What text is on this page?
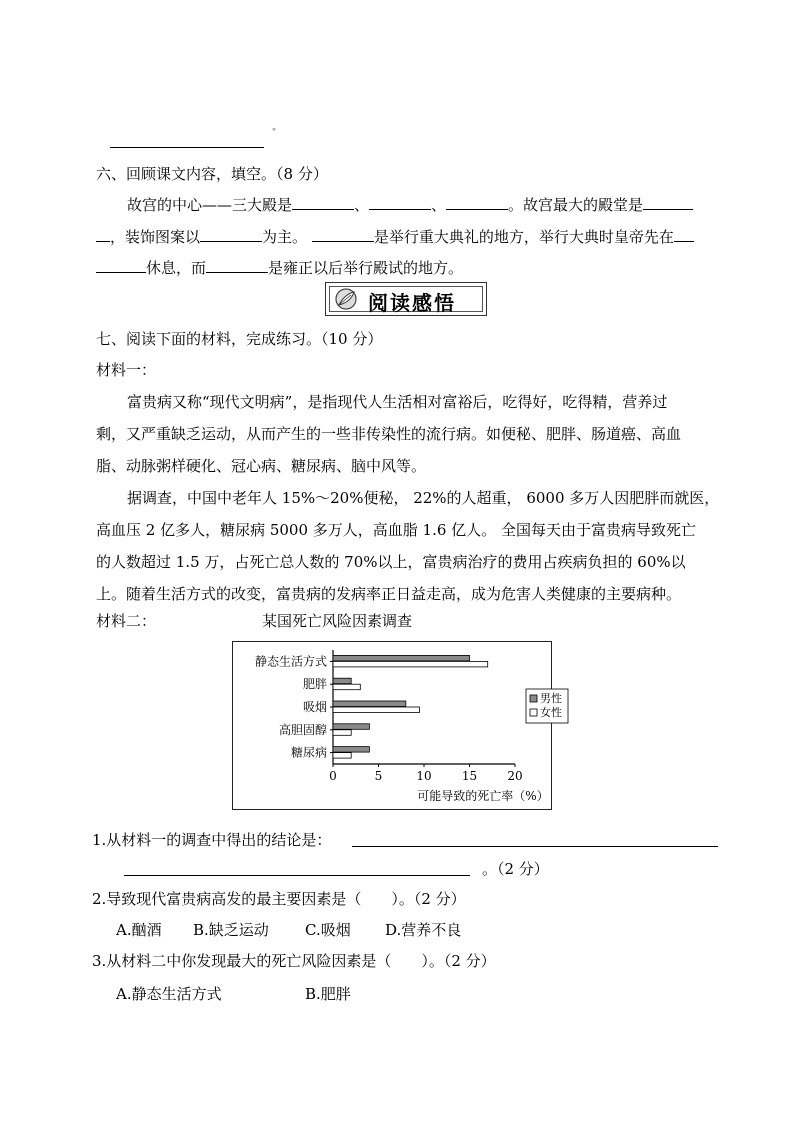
"
六、回顾课文内容，填空。（8 分）
故宫的中心——三大殿是	、	、	。故宫最大的殿堂是
，装饰图案以	为主。	是举行重大典礼的地方，举行大典时皇帝先在
休息，而	是雍正以后举行殿试的地方。
阅读感悟
七、阅读下面的材料，完成练习。（10 分）
材料一：
富贵病又称“现代文明病”，是指现代人生活相对富裕后，吃得好，吃得精，营养过
剩，又严重缺乏运动，从而产生的一些非传染性的流行病。如便秘、肥胖、肠道癌、高血
脂、动脉粥样硬化、冠心病、糖尿病、脑中风等。
据调查，中国中老年人 15%～20%便秘， 22%的人超重， 6000 多万人因肥胖而就医，
高血压 2 亿多人，糖尿病 5000 多万人，高血脂 1.6 亿人。 全国每天由于富贵病导致死亡
的人数超过 1.5 万，占死亡总人数的 70%以上，富贵病治疗的费用占疾病负担的 60%以
上。随着生活方式的改变，富贵病的发病率正日益走高，成为危害人类健康的主要病种。
材料二：	某国死亡风险因素调查
静态生活方式
肥胖
吸烟
高胆固醇
糖尿病
0	5	10	15	20
可能导致的死亡率（%）
男性
女性
1.从材料一的调查中得出的结论是：
。（2 分）
2.导致现代富贵病高发的最主要因素是（　　）。（2 分）
A.酗酒 B.缺乏运动 C.吸烟 D.营养不良
3.从材料二中你发现最大的死亡风险因素是（　　）。（2 分）
A.静态生活方式	B.肥胖
